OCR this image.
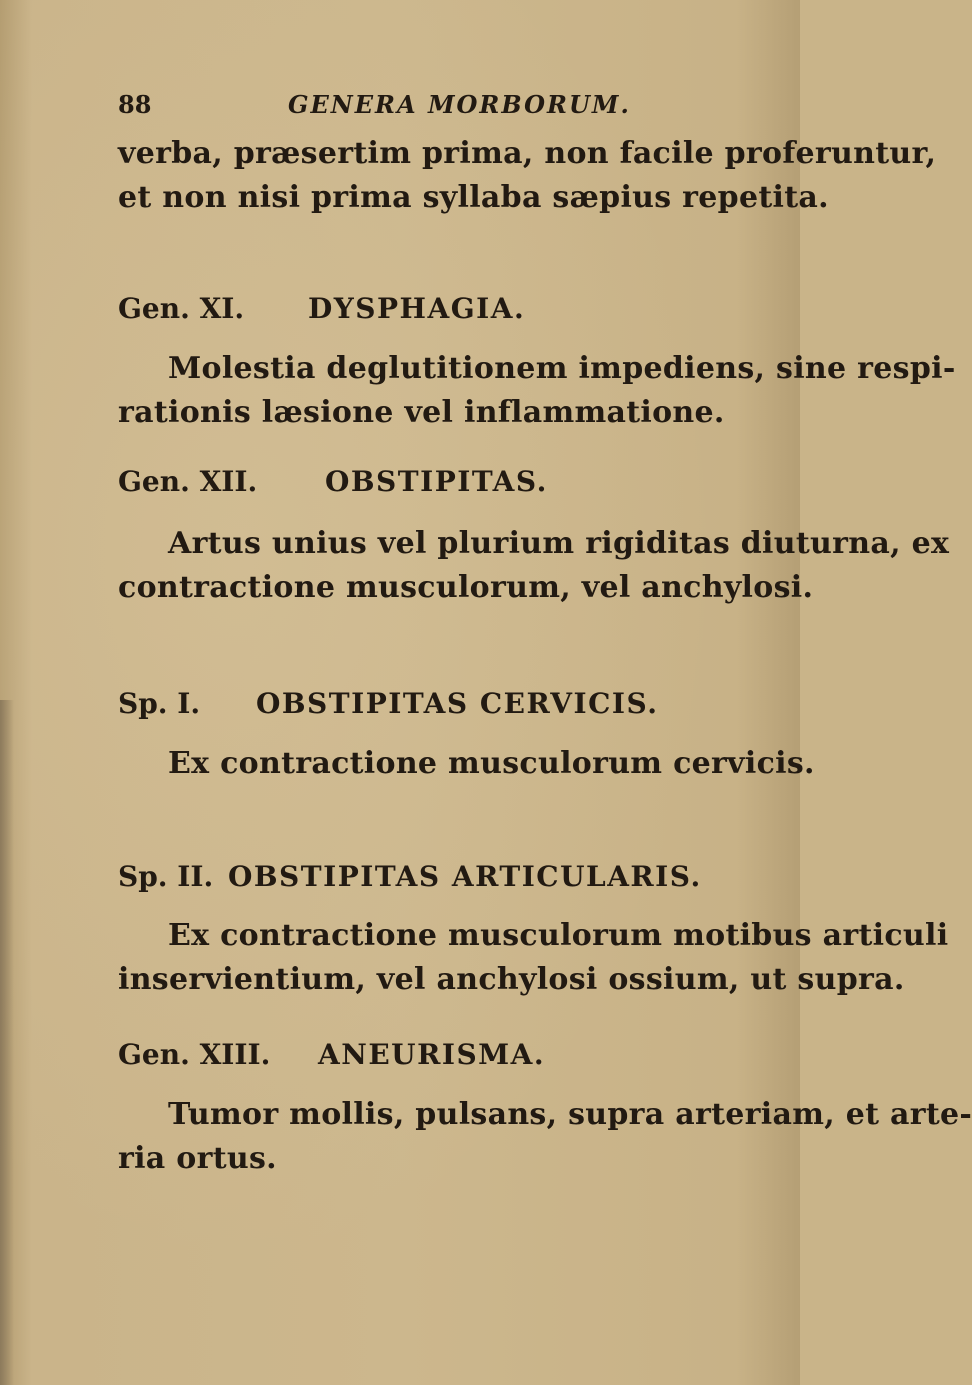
88	GENERA MORBORUM.
verba, præsertim prima, non facile proferuntur,
et non nisi prima syllaba sæpius repetita.
Gen. XI. DYSPHAGIA.
Molestia deglutitionem impediens, sine respi-
rationis læsione vel inflammatione.
Gen. XII. OBSTIPITAS.
Artus unius vel plurium rigiditas diuturna, ex
contractione musculorum, vel anchylosi.
Sp. I. OBSTIPITAS CERVICIS.
Ex contractione musculorum cervicis.
Sp. II. OBSTIPITAS ARTICULARIS.
Ex contractione musculorum motibus articuli
inservientium, vel anchylosi ossium, ut supra.
Gen. XIII. ANEURISMA.
Tumor mollis, pulsans, supra arteriam, et arte-
ria ortus.
